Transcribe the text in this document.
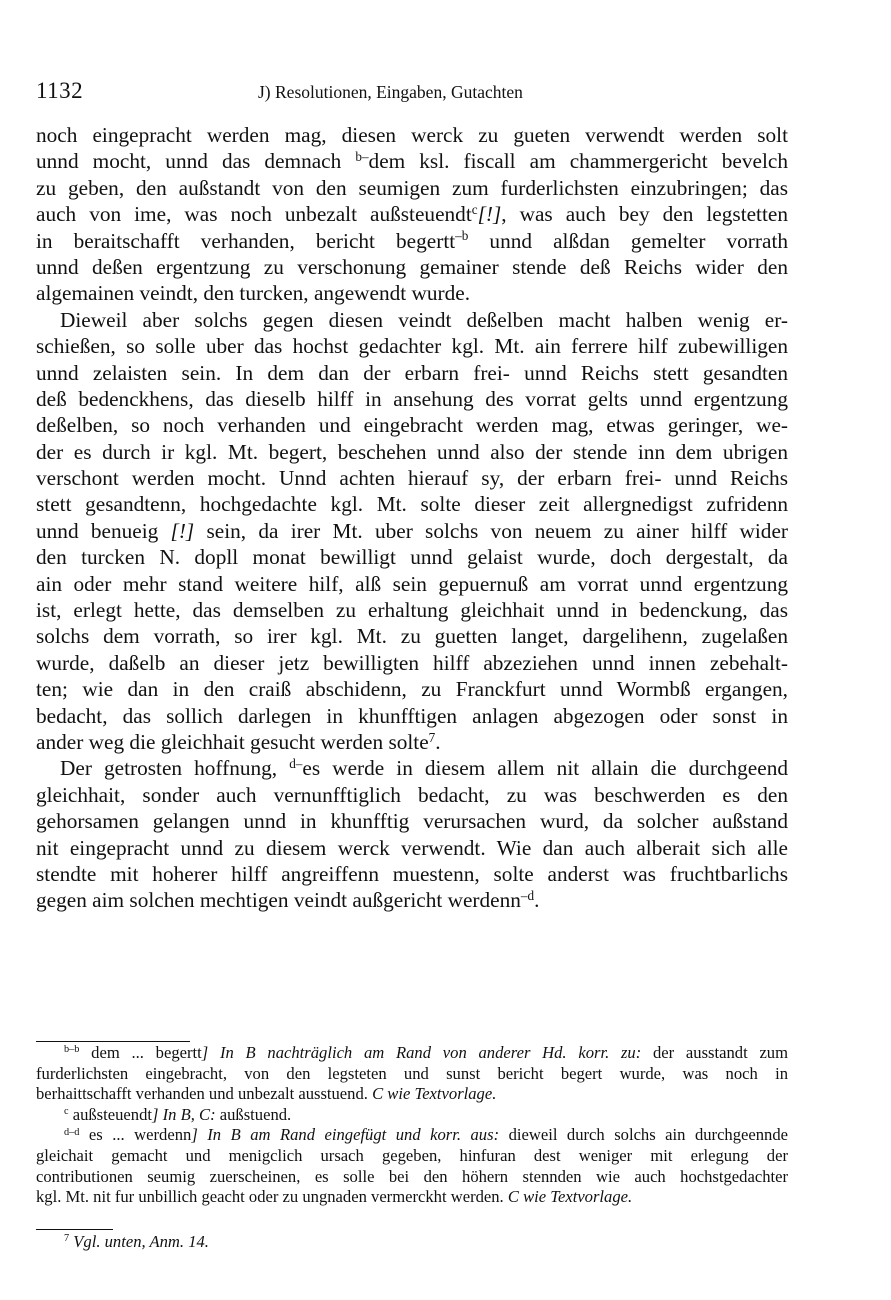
1132	J) Resolutionen, Eingaben, Gutachten
noch eingepracht werden mag, diesen werck zu gueten verwendt werden solt
unnd mocht, unnd das demnach $^{b-}$dem ksl. fiscall am chammergericht bevelch
zu geben, den außstandt von den seumigen zum furderlichsten einzubringen; das
auch von ime, was noch unbezalt außsteuendt$^c$[!], was auch bey den legstetten
in beraitschafft verhanden, bericht begertt$^{-b}$ unnd alßdan gemelter vorrath
unnd deßen ergentzung zu verschonung gemainer stende deß Reichs wider den
algemainen veindt, den turcken, angewendt wurde.
Dieweil aber solchs gegen diesen veindt deßelben macht halben wenig er-
schießen, so solle uber das hochst gedachter kgl. Mt. ain ferrere hilf zubewilligen
unnd zelaisten sein. In dem dan der erbarn frei- unnd Reichs stett gesandten
deß bedenckhens, das dieselb hilff in ansehung des vorrat gelts unnd ergentzung
deßelben, so noch verhanden und eingebracht werden mag, etwas geringer, we-
der es durch ir kgl. Mt. begert, beschehen unnd also der stende inn dem ubrigen
verschont werden mocht. Unnd achten hierauf sy, der erbarn frei- unnd Reichs
stett gesandtenn, hochgedachte kgl. Mt. solte dieser zeit allergnedigst zufridenn
unnd benueig [!] sein, da irer Mt. uber solchs von neuem zu ainer hilff wider
den turcken N. dopll monat bewilligt unnd gelaist wurde, doch dergestalt, da
ain oder mehr stand weitere hilf, alß sein gepuernuß am vorrat unnd ergentzung
ist, erlegt hette, das demselben zu erhaltung gleichhait unnd in bedenckung, das
solchs dem vorrath, so irer kgl. Mt. zu guetten langet, dargelihenn, zugelaßen
wurde, daßelb an dieser jetz bewilligten hilff abzeziehen unnd innen zebehalt-
ten; wie dan in den craiß abschidenn, zu Franckfurt unnd Wormbß ergangen,
bedacht, das sollich darlegen in khunfftigen anlagen abgezogen oder sonst in
ander weg die gleichhait gesucht werden solte$^7$.
Der getrosten hoffnung, $^{d-}$es werde in diesem allem nit allain die durchgeend
gleichhait, sonder auch vernunfftiglich bedacht, zu was beschwerden es den
gehorsamen gelangen unnd in khunfftig verursachen wurd, da solcher außstand
nit eingepracht unnd zu diesem werck verwendt. Wie dan auch alberait sich alle
stendte mit hoherer hilff angreiffenn muestenn, solte anderst was fruchtbarlichs
gegen aim solchen mechtigen veindt außgericht werdenn$^{-d}$.
$^{b-b}$ dem ... begertt] In B nachträglich am Rand von anderer Hd. korr. zu: der ausstandt zum
furderlichsten eingebracht, von den legsteten und sunst bericht begert wurde, was noch in
berhaittschafft verhanden und unbezalt ausstuend. C wie Textvorlage.
$^c$ außsteuendt] In B, C: außstuend.
$^{d-d}$ es ... werdenn] In B am Rand eingefügt und korr. aus: dieweil durch solchs ain durchgeennde
gleichait gemacht und menigclich ursach gegeben, hinfuran dest weniger mit erlegung der
contributionen seumig zuerscheinen, es solle bei den höhern stennden wie auch hochstgedachter
kgl. Mt. nit fur unbillich geacht oder zu ungnaden vermerckht werden. C wie Textvorlage.
$^7$ Vgl. unten, Anm. 14.
